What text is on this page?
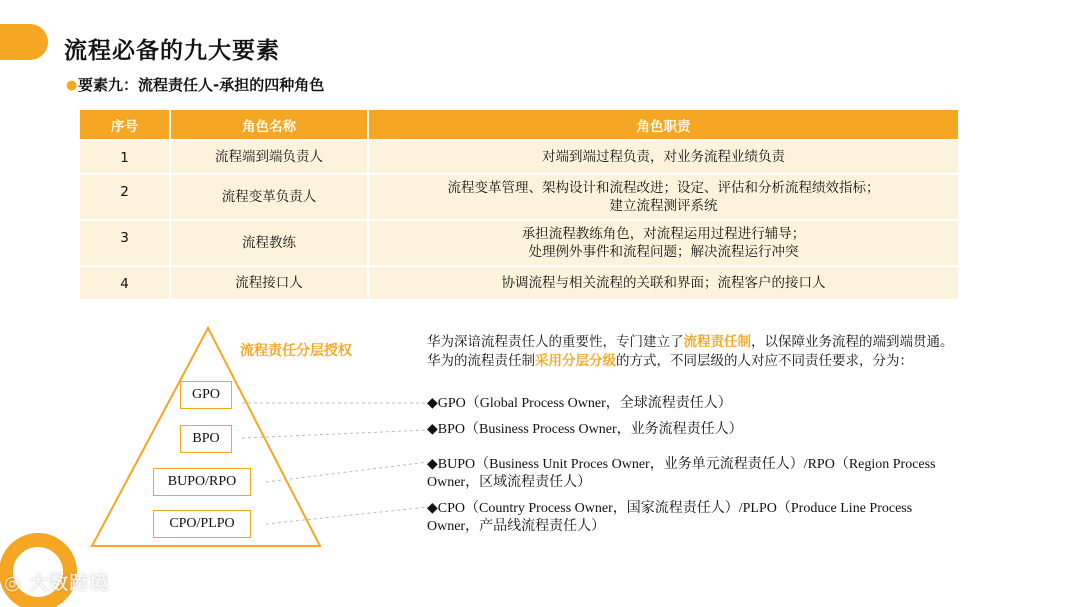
流程必备的九大要素
● 要素九：流程责任人-承担的四种角色
序号	角色名称	角色职责
1	流程端到端负责人	对端到端过程负责，对业务流程业绩负责

2	流程变革负责人	流程变革管理、架构设计和流程改进；设定、评估和分析流程绩效指标；
建立流程测评系统

3	流程教练	承担流程教练角色，对流程运用过程进行辅导；
处理例外事件和流程问题；解决流程运行冲突

4	流程接口人	协调流程与相关流程的关联和界面；流程客户的接口人
流程责任分层授权
GPO
BPO
BUPO/RPO
CPO/PLPO
华为深谙流程责任人的重要性，专门建立了流程责任制，以保障业务流程的端到端贯通。华为的流程责任制采用分层分级的方式，不同层级的人对应不同责任要求，分为：
◆GPO（Global Process Owner，全球流程责任人）
◆BPO（Business Process Owner，业务流程责任人）
◆BUPO（Business Unit Proces Owner，业务单元流程责任人）/RPO（Region Process Owner，区域流程责任人）
◆CPO（Country Process Owner，国家流程责任人）/PLPO（Produce Line Process Owner，产品线流程责任人）
◎ 大数跨境
